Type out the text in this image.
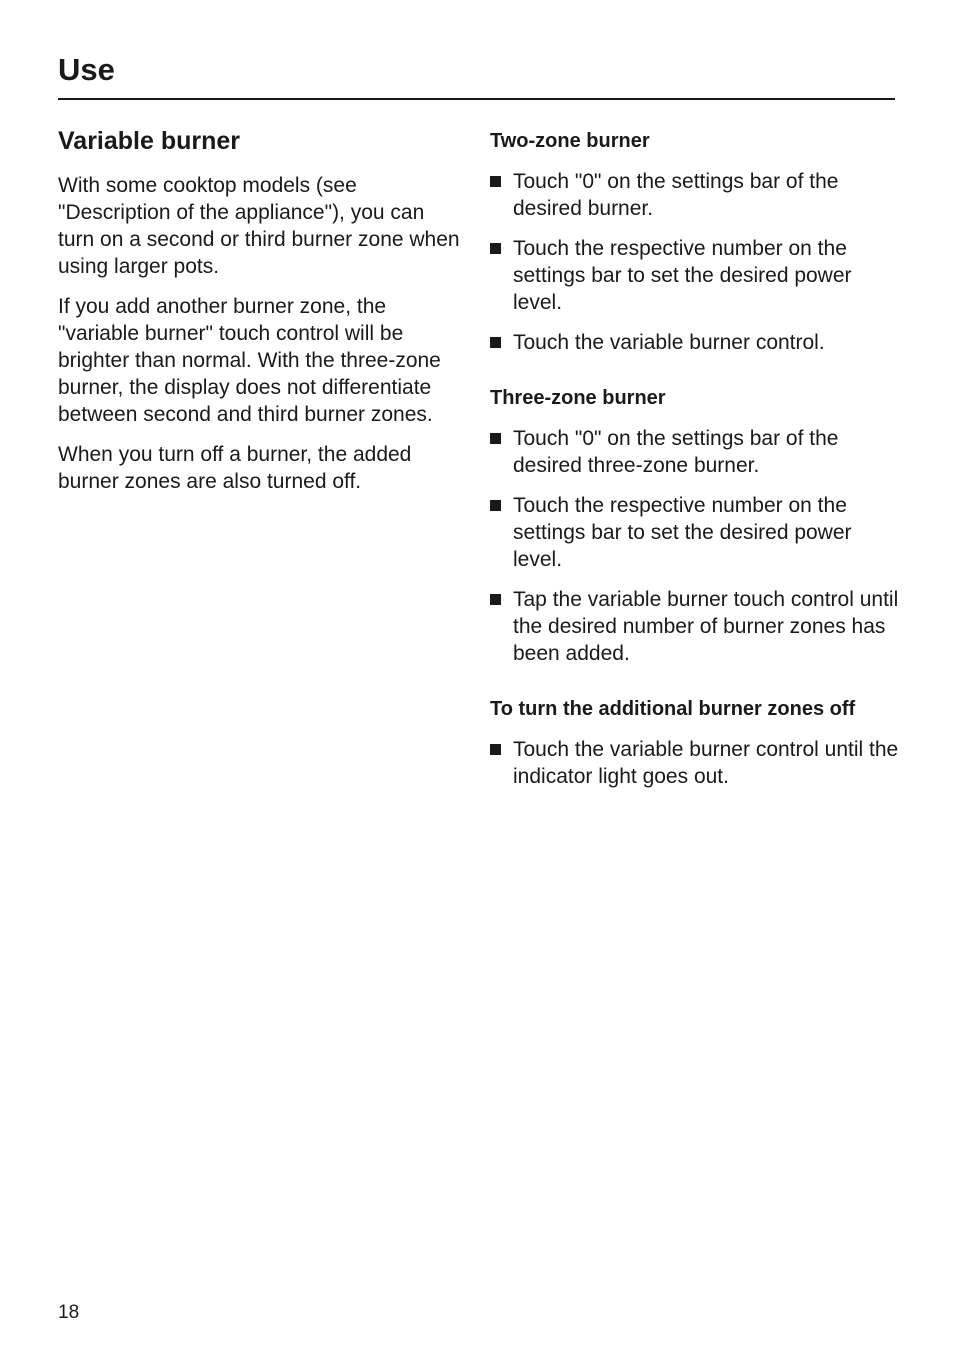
Use
Variable burner

With some cooktop models (see "Description of the appliance"), you can turn on a second or third burner zone when using larger pots.

If you add another burner zone, the "variable burner" touch control will be brighter than normal. With the three-zone burner, the display does not differentiate between second and third burner zones.

When you turn off a burner, the added burner zones are also turned off.

Two-zone burner
Touch "0" on the settings bar of the desired burner.
Touch the respective number on the settings bar to set the desired power level.
Touch the variable burner control.
Three-zone burner
Touch "0" on the settings bar of the desired three-zone burner.
Touch the respective number on the settings bar to set the desired power level.
Tap the variable burner touch control until the desired number of burner zones has been added.
To turn the additional burner zones off
Touch the variable burner control until the indicator light goes out.
18
